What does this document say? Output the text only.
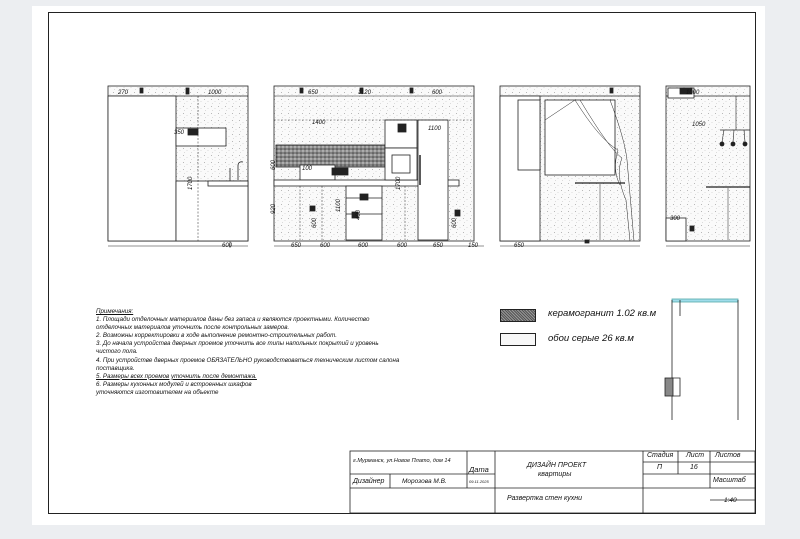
270	1000
350
1700
600
650	1120
1400
1100
600
600
1100
920
1700
600
400
100
650	600	600	600	650	150
600
650
1050
300
1000
Примечания:
1. Площади отделочных материалов даны без запаса и являются проектными. Количество
отделочных материалов уточнить после контрольных замеров.
2. Возможны корректировки в ходе выполнение ремонтно-строительных работ.
3. До начала устройства дверных проемов уточнить все типы напольных покрытий и уровень
чистого пола.
4. При устройстве дверных проемов ОБЯЗАТЕЛЬНО руководствоваться техническим листом салона
поставщика.
5. Размеры всех проемов уточнить после демонтажа.
6. Размеры кухонных модулей и встроенных шкафов
уточняются изготовителем на объекте
керамогранит 1.02 кв.м
обои серые 26 кв.м
г.Мурманск, ул.Новое Плато, дом 14
Дата
09.11.2025
Дизайнер	Морозова М.В.
ДИЗАЙН ПРОЕКТ
квартиры
Развертка стен кухни
Стадия
П
Лист
16
Листов
Масштаб
1:40
